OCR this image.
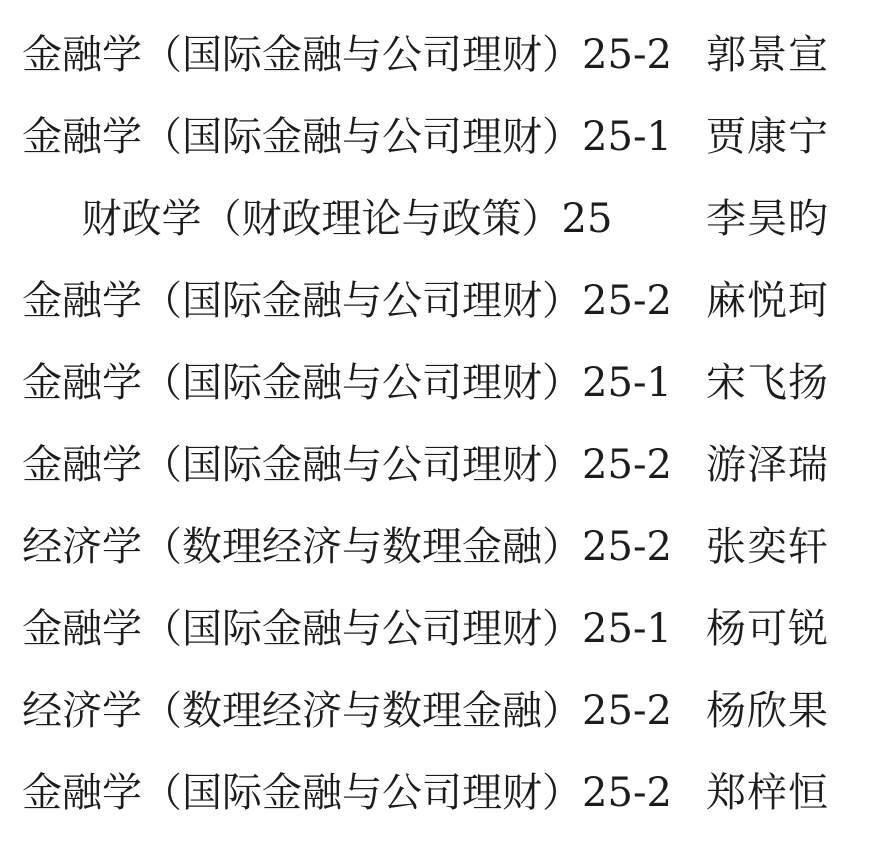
金融学（国际金融与公司理财）25-2 郭景宣
金融学（国际金融与公司理财）25-1 贾康宁
财政学（财政理论与政策）25	李昊昀
金融学（国际金融与公司理财）25-2 麻悦珂
金融学（国际金融与公司理财）25-1 宋飞扬
金融学（国际金融与公司理财）25-2 游泽瑞
经济学（数理经济与数理金融）25-2 张奕轩
金融学（国际金融与公司理财）25-1 杨可锐
经济学（数理经济与数理金融）25-2 杨欣果
金融学（国际金融与公司理财）25-2 郑梓恒
